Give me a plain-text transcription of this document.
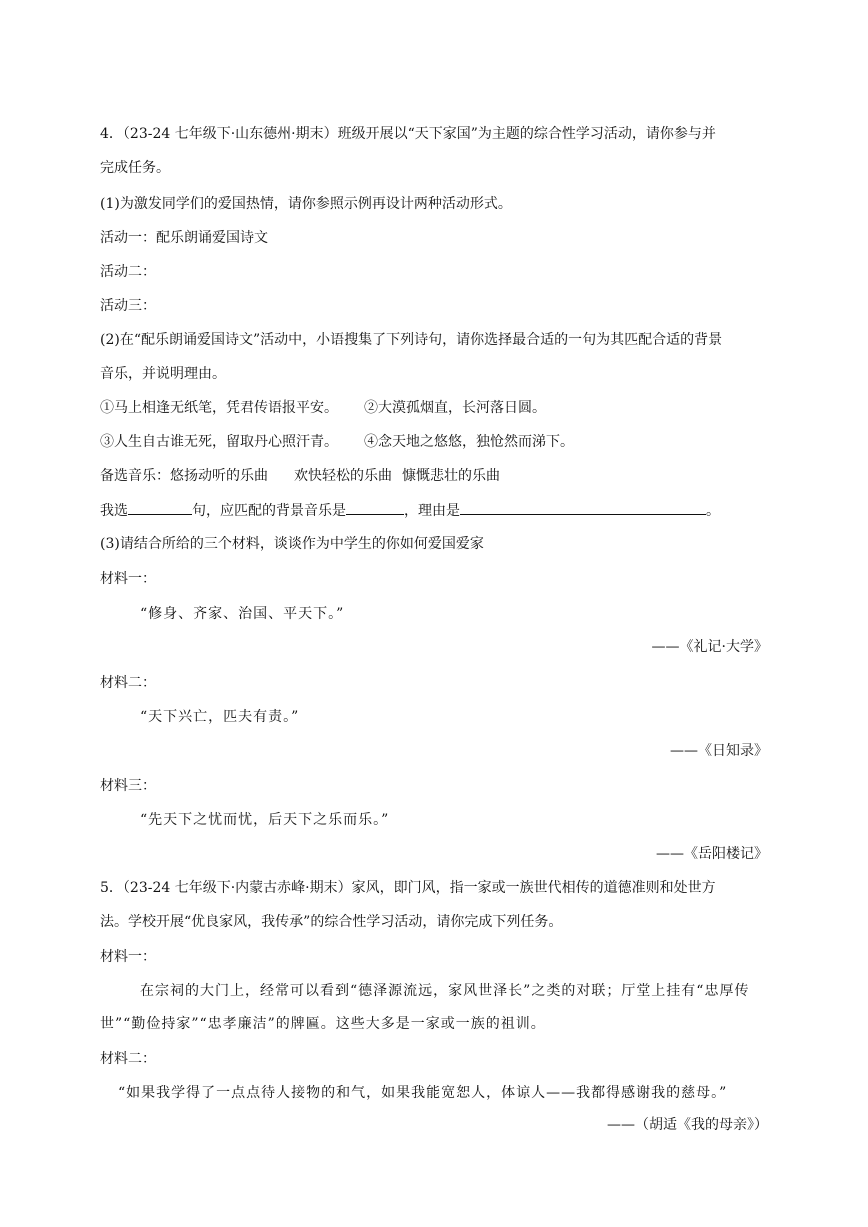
4．（23-24 七年级下·山东德州·期末）班级开展以“天下家国”为主题的综合性学习活动，请你参与并
完成任务。
(1)为激发同学们的爱国热情，请你参照示例再设计两种活动形式。
活动一：配乐朗诵爱国诗文
活动二：
活动三：
(2)在“配乐朗诵爱国诗文”活动中，小语搜集了下列诗句，请你选择最合适的一句为其匹配合适的背景
音乐，并说明理由。
①马上相逢无纸笔，凭君传语报平安。 ②大漠孤烟直，长河落日圆。
③人生自古谁无死，留取丹心照汗青。 ④念天地之悠悠，独怆然而涕下。
备选音乐：悠扬动听的乐曲 欢快轻松的乐曲 慷慨悲壮的乐曲
我选	句，应匹配的背景音乐是	，理由是	。
(3)请结合所给的三个材料，谈谈作为中学生的你如何爱国爱家
材料一：
“修身、齐家、治国、平天下。”
——《礼记·大学》
材料二：
“天下兴亡，匹夫有责。”
——《日知录》
材料三：
“先天下之忧而忧，后天下之乐而乐。”
——《岳阳楼记》
5．（23-24 七年级下·内蒙古赤峰·期末）家风，即门风，指一家或一族世代相传的道德准则和处世方
法。学校开展“优良家风，我传承”的综合性学习活动，请你完成下列任务。
材料一：
在宗祠的大门上，经常可以看到“德泽源流远，家风世泽长”之类的对联；厅堂上挂有“忠厚传
世”“勤俭持家”“忠孝廉洁”的牌匾。这些大多是一家或一族的祖训。
材料二：
“如果我学得了一点点待人接物的和气，如果我能宽恕人，体谅人——我都得感谢我的慈母。”
——（胡适《我的母亲》）
